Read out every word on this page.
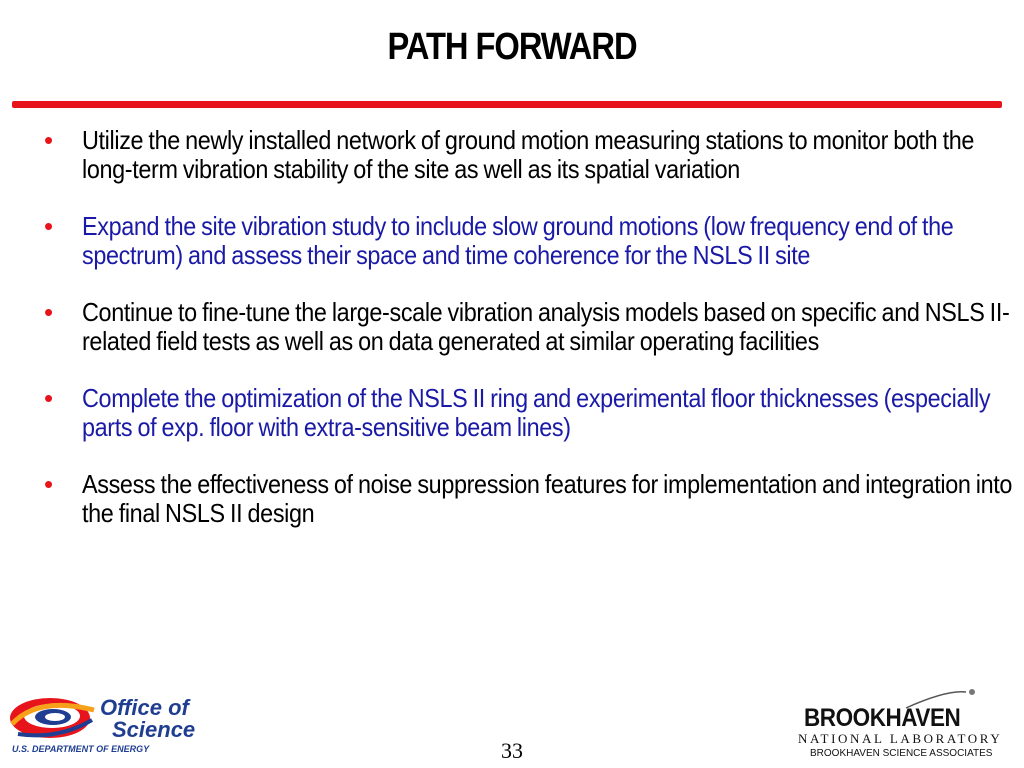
PATH FORWARD
• Utilize the newly installed network of ground motion measuring stations to monitor both the long-term vibration stability of the site as well as its spatial variation
• Expand the site vibration study to include slow ground motions (low frequency end of the spectrum) and assess their space and time coherence for the NSLS II site
• Continue to fine-tune the large-scale vibration analysis models based on specific and NSLS II-related field tests as well as on data generated at similar operating facilities
• Complete the optimization of the NSLS II ring and experimental floor thicknesses (especially parts of exp. floor with extra-sensitive beam lines)
• Assess the effectiveness of noise suppression features for implementation and integration into the final NSLS II design
Office of
Science
U.S. DEPARTMENT OF ENERGY	33
BROOKHAVEN
NATIONAL LABORATORY
BROOKHAVEN SCIENCE ASSOCIATES
